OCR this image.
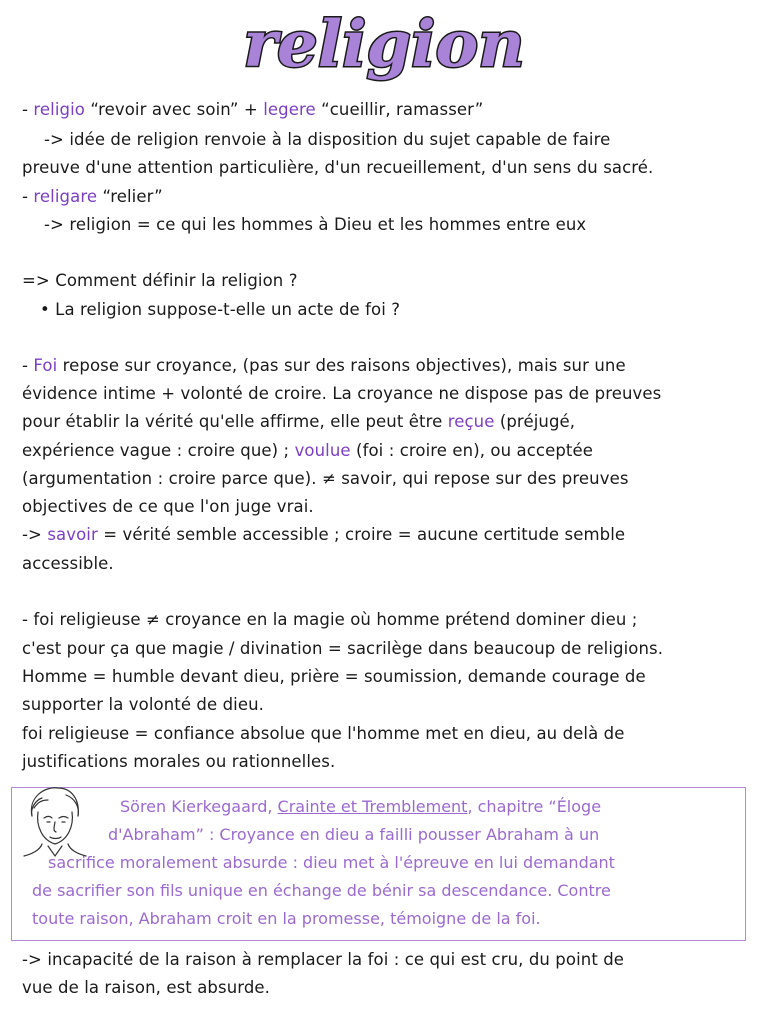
religion
- religio “revoir avec soin” + legere “cueillir, ramasser”
-> idée de religion renvoie à la disposition du sujet capable de faire
preuve d'une attention particulière, d'un recueillement, d'un sens du sacré.
- religare “relier”
-> religion = ce qui les hommes à Dieu et les hommes entre eux
=> Comment définir la religion ?
• La religion suppose-t-elle un acte de foi ?
- Foi repose sur croyance, (pas sur des raisons objectives), mais sur une
évidence intime + volonté de croire. La croyance ne dispose pas de preuves
pour établir la vérité qu'elle affirme, elle peut être reçue (préjugé,
expérience vague : croire que) ; voulue (foi : croire en), ou acceptée
(argumentation : croire parce que). ≠ savoir, qui repose sur des preuves
objectives de ce que l'on juge vrai.
-> savoir = vérité semble accessible ; croire = aucune certitude semble
accessible.
- foi religieuse ≠ croyance en la magie où homme prétend dominer dieu ;
c'est pour ça que magie / divination = sacrilège dans beaucoup de religions.
Homme = humble devant dieu, prière = soumission, demande courage de
supporter la volonté de dieu.
foi religieuse = confiance absolue que l'homme met en dieu, au delà de
justifications morales ou rationnelles.
Sören Kierkegaard, Crainte et Tremblement, chapitre “Éloge
d'Abraham” : Croyance en dieu a failli pousser Abraham à un
sacrifice moralement absurde : dieu met à l'épreuve en lui demandant
de sacrifier son fils unique en échange de bénir sa descendance. Contre
toute raison, Abraham croit en la promesse, témoigne de la foi.
-> incapacité de la raison à remplacer la foi : ce qui est cru, du point de
vue de la raison, est absurde.
